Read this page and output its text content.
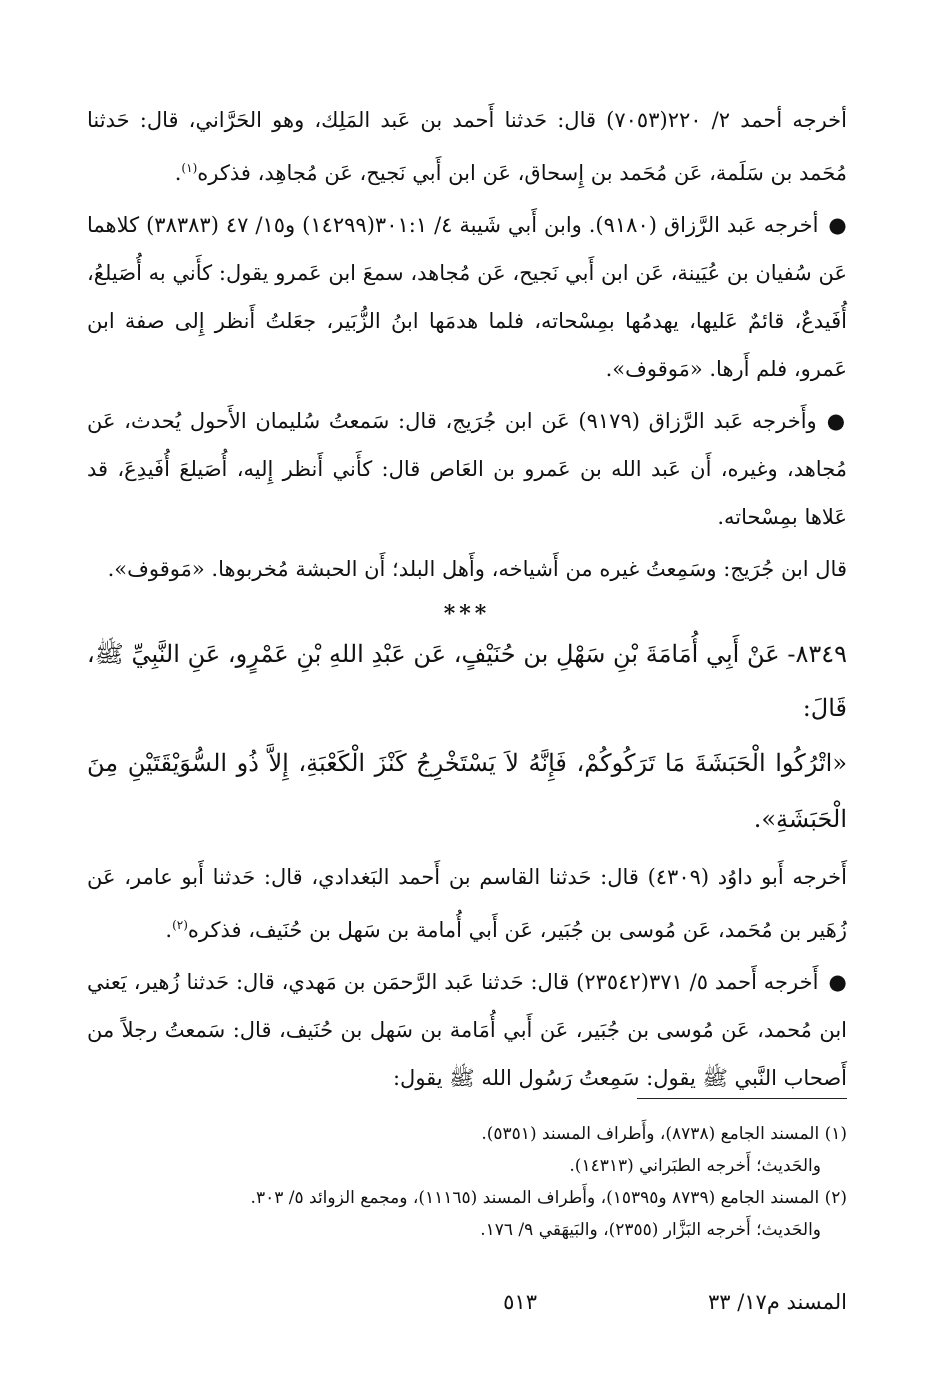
أخرجه أحمد ٢/ ٢٢٠(٧٠٥٣) قال: حَدثنا أَحمد بن عَبد المَلِك، وهو الحَرَّاني، قال: حَدثنا مُحَمد بن سَلَمة، عَن مُحَمد بن إِسحاق، عَن ابن أَبي نَجيح، عَن مُجاهِد، فذكره$^{(١)}$.

●أخرجه عَبد الرَّزاق (٩١٨٠). وابن أَبي شَيبة ٤/ ٣٠١:١(١٤٢٩٩) و١٥/ ٤٧ (٣٨٣٨٣) كلاهما عَن سُفيان بن عُيَينة، عَن ابن أَبي نَجيح، عَن مُجاهد، سمعَ ابن عَمرو يقول: كأَني به أُصَيلعُ، أُفَيدعٌ، قائمٌ عَليها، يهدمُها بمِسْحاته، فلما هدمَها ابنُ الزُّبَير، جعَلتُ أَنظر إِلى صفة ابن عَمرو، فلم أَرها. «مَوقوف».

●وأَخرجه عَبد الرَّزاق (٩١٧٩) عَن ابن جُرَيج، قال: سَمعتُ سُليمان الأَحول يُحدث، عَن مُجاهد، وغيره، أَن عَبد الله بن عَمرو بن العَاص قال: كأَني أَنظر إِليه، أُصَيلعَ أُفَيدِعَ، قد عَلاها بمِسْحاته.

قال ابن جُرَيج: وسَمِعتُ غيره من أَشياخه، وأَهل البلد؛ أَن الحبشة مُخربوها. «مَوقوف».

***

٨٣٤٩- عَنْ أَبِي أُمَامَةَ بْنِ سَهْلِ بن حُنَيْفٍ، عَن عَبْدِ اللهِ بْنِ عَمْرٍو، عَنِ النَّبِيِّ ﷺ، قَالَ:

«اتْرُكُوا الْحَبَشَةَ مَا تَرَكُوكُمْ، فَإِنَّهُ لاَ يَسْتَخْرِجُ كَنْزَ الْكَعْبَةِ، إِلاَّ ذُو السُّوَيْقَتَيْنِ مِنَ الْحَبَشَةِ».

أَخرجه أَبو داوُد (٤٣٠٩) قال: حَدثنا القاسم بن أَحمد البَغدادي، قال: حَدثنا أَبو عامر، عَن زُهَير بن مُحَمد، عَن مُوسى بن جُبَير، عَن أَبي أُمامة بن سَهل بن حُنَيف، فذكره$^{(٢)}$.

●أَخرجه أَحمد ٥/ ٣٧١(٢٣٥٤٢) قال: حَدثنا عَبد الرَّحمَن بن مَهدي، قال: حَدثنا زُهير، يَعني ابن مُحمد، عَن مُوسى بن جُبَير، عَن أَبي أُمَامة بن سَهل بن حُنَيف، قال: سَمعتُ رجلاً من أَصحاب النَّبي ﷺ يقول: سَمِعتُ رَسُول الله ﷺ يقول:

(١) المسند الجامع (٨٧٣٨)، وأَطراف المسند (٥٣٥١).

والحَديث؛ أَخرجه الطبَراني (١٤٣١٣).

(٢) المسند الجامع (٨٧٣٩ و١٥٣٩٥)، وأَطراف المسند (١١١٦٥)، ومجمع الزوائد ٥/ ٣٠٣.

والحَديث؛ أَخرجه البَزَّار (٢٣٥٥)، والبَيهَقي ٩/ ١٧٦.

المسند م١٧/ ٣٣
٥١٣
